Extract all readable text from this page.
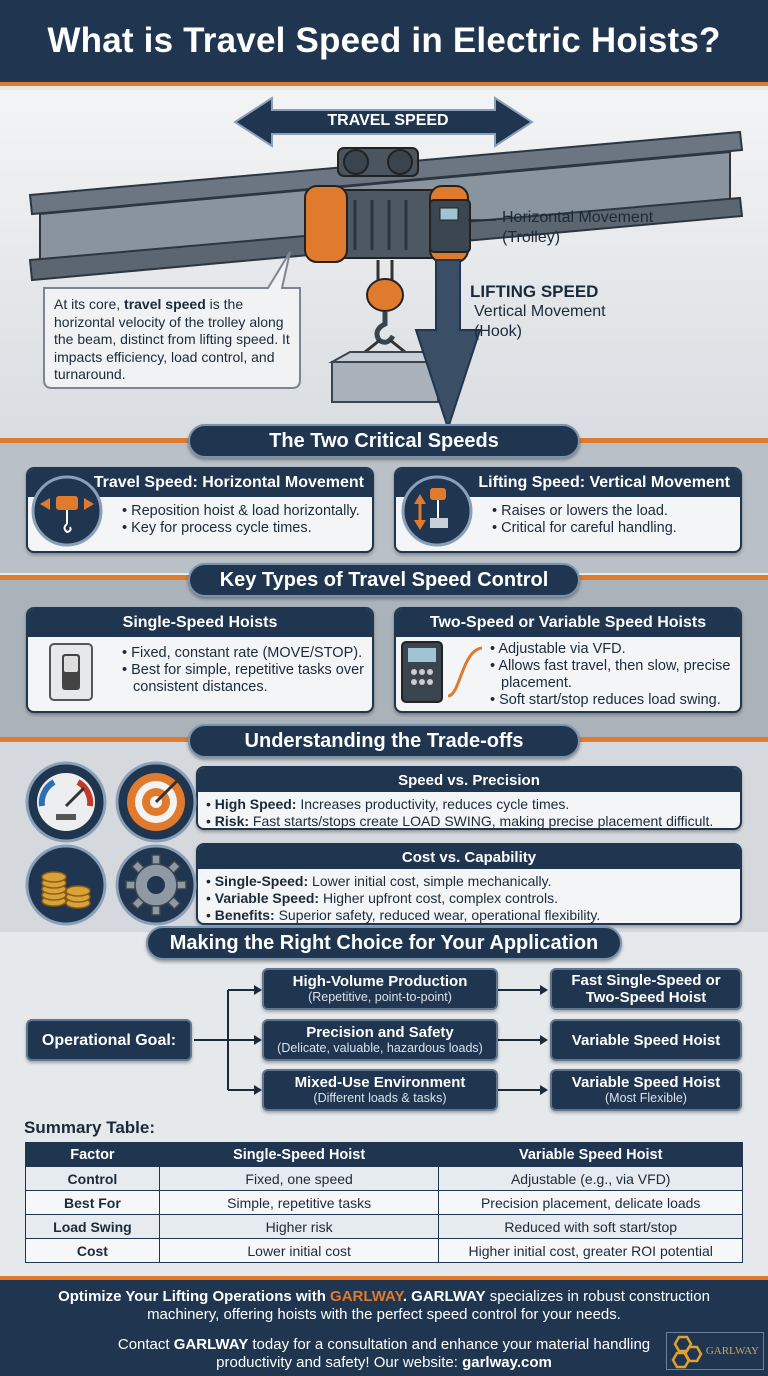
What is Travel Speed in Electric Hoists?
TRAVEL SPEED
Horizontal Movement
(Trolley)
LIFTING SPEED
Vertical Movement
(Hook)
At its core, travel speed is the horizontal velocity of the trolley along the beam, distinct from lifting speed. It impacts efficiency, load control, and turnaround.
The Two Critical Speeds
Travel Speed: Horizontal Movement
• Reposition hoist & load horizontally.
• Key for process cycle times.
Lifting Speed: Vertical Movement
• Raises or lowers the load.
• Critical for careful handling.
Key Types of Travel Speed Control
Single-Speed Hoists
• Fixed, constant rate (MOVE/STOP).
• Best for simple, repetitive tasks over consistent distances.
Two-Speed or Variable Speed Hoists
• Adjustable via VFD.
• Allows fast travel, then slow, precise placement.
• Soft start/stop reduces load swing.
Understanding the Trade-offs
Speed vs. Precision
• High Speed: Increases productivity, reduces cycle times.
• Risk: Fast starts/stops create LOAD SWING, making precise placement difficult.
Cost vs. Capability
• Single-Speed: Lower initial cost, simple mechanically.
• Variable Speed: Higher upfront cost, complex controls.
• Benefits: Superior safety, reduced wear, operational flexibility.
Making the Right Choice for Your Application
Operational Goal:
High-Volume Production
(Repetitive, point-to-point)
Precision and Safety
(Delicate, valuable, hazardous loads)
Mixed-Use Environment
(Different loads & tasks)
Fast Single-Speed or Two-Speed Hoist
Variable Speed Hoist
Variable Speed Hoist
(Most Flexible)
Summary Table:
Factor	Single-Speed Hoist	Variable Speed Hoist
Control	Fixed, one speed	Adjustable (e.g., via VFD)
Best For	Simple, repetitive tasks	Precision placement, delicate loads
Load Swing	Higher risk	Reduced with soft start/stop
Cost	Lower initial cost	Higher initial cost, greater ROI potential
Optimize Your Lifting Operations with GARLWAY. GARLWAY specializes in robust construction machinery, offering hoists with the perfect speed control for your needs.
Contact GARLWAY today for a consultation and enhance your material handling productivity and safety! Our website: garlway.com
GARLWAY
